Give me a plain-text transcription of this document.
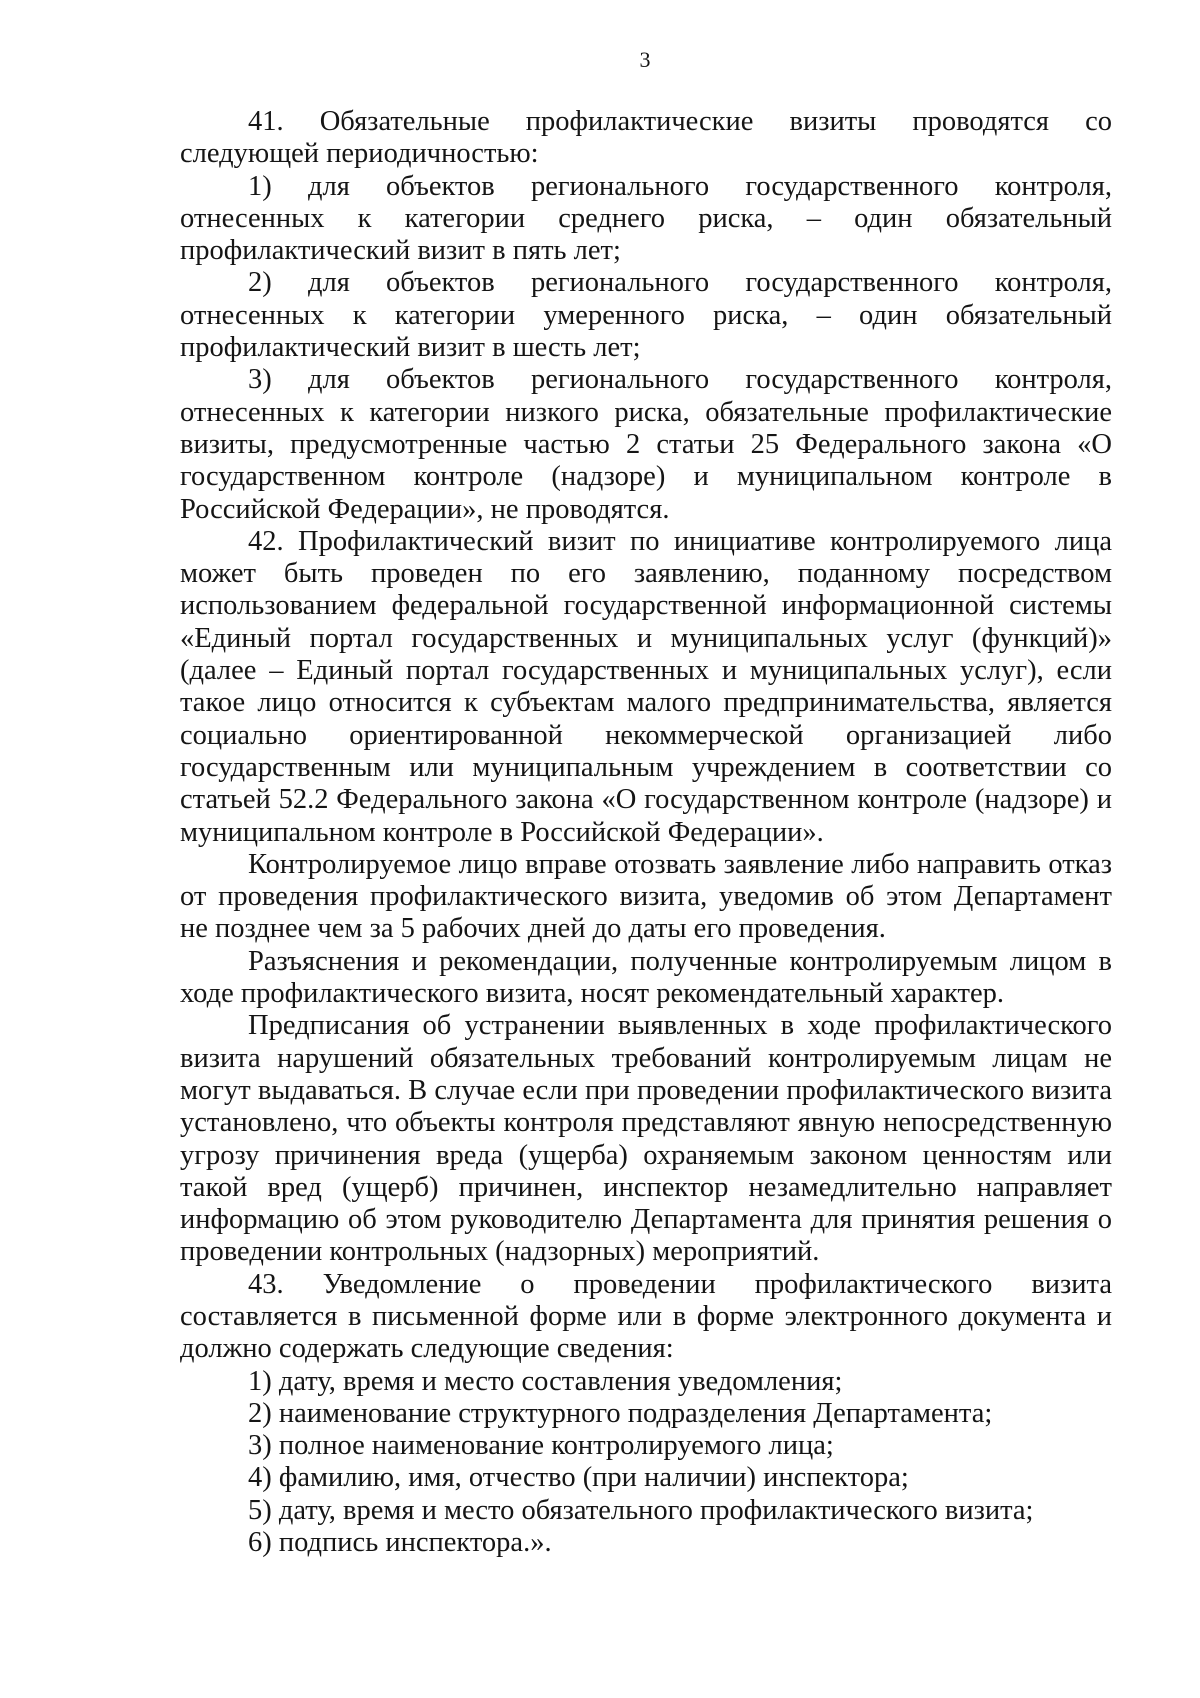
3

41. Обязательные профилактические визиты проводятся со следующей периодичностью:

1) для объектов регионального государственного контроля, отнесенных к категории среднего риска, – один обязательный профилактический визит в пять лет;

2) для объектов регионального государственного контроля, отнесенных к категории умеренного риска, – один обязательный профилактический визит в шесть лет;

3) для объектов регионального государственного контроля, отнесенных к категории низкого риска, обязательные профилактические визиты, предусмотренные частью 2 статьи 25 Федерального закона «О государственном контроле (надзоре) и муниципальном контроле в Российской Федерации», не проводятся.

42. Профилактический визит по инициативе контролируемого лица может быть проведен по его заявлению, поданному посредством использованием федеральной государственной информационной системы «Единый портал государственных и муниципальных услуг (функций)» (далее – Единый портал государственных и муниципальных услуг), если такое лицо относится к субъектам малого предпринимательства, является социально ориентированной некоммерческой организацией либо государственным или муниципальным учреждением в соответствии со статьей 52.2 Федерального закона «О государственном контроле (надзоре) и муниципальном контроле в Российской Федерации».

Контролируемое лицо вправе отозвать заявление либо направить отказ от проведения профилактического визита, уведомив об этом Департамент не позднее чем за 5 рабочих дней до даты его проведения.

Разъяснения и рекомендации, полученные контролируемым лицом в ходе профилактического визита, носят рекомендательный характер.

Предписания об устранении выявленных в ходе профилактического визита нарушений обязательных требований контролируемым лицам не могут выдаваться. В случае если при проведении профилактического визита установлено, что объекты контроля представляют явную непосредственную угрозу причинения вреда (ущерба) охраняемым законом ценностям или такой вред (ущерб) причинен, инспектор незамедлительно направляет информацию об этом руководителю Департамента для принятия решения о проведении контрольных (надзорных) мероприятий.

43. Уведомление о проведении профилактического визита составляется в письменной форме или в форме электронного документа и должно содержать следующие сведения:

1) дату, время и место составления уведомления;

2) наименование структурного подразделения Департамента;

3) полное наименование контролируемого лица;

4) фамилию, имя, отчество (при наличии) инспектора;

5) дату, время и место обязательного профилактического визита;

6) подпись инспектора.».
